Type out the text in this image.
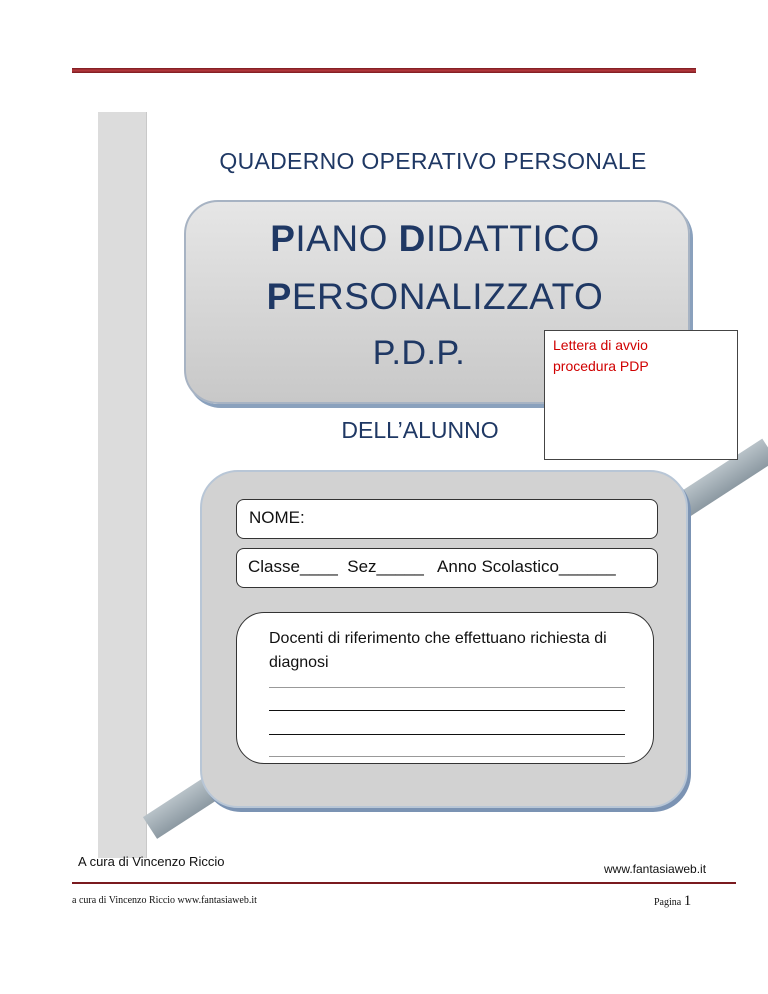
QUADERNO OPERATIVO PERSONALE
PIANO DIDATTICO
PERSONALIZZATO
P.D.P.	Lettera di avvio
procedura PDP
DELL’ALUNNO
NOME:
Classe____  Sez_____   Anno Scolastico______
Docenti di riferimento che effettuano richiesta di diagnosi
A cura di Vincenzo Riccio	www.fantasiaweb.it
a cura di Vincenzo Riccio www.fantasiaweb.it	Pagina 1
